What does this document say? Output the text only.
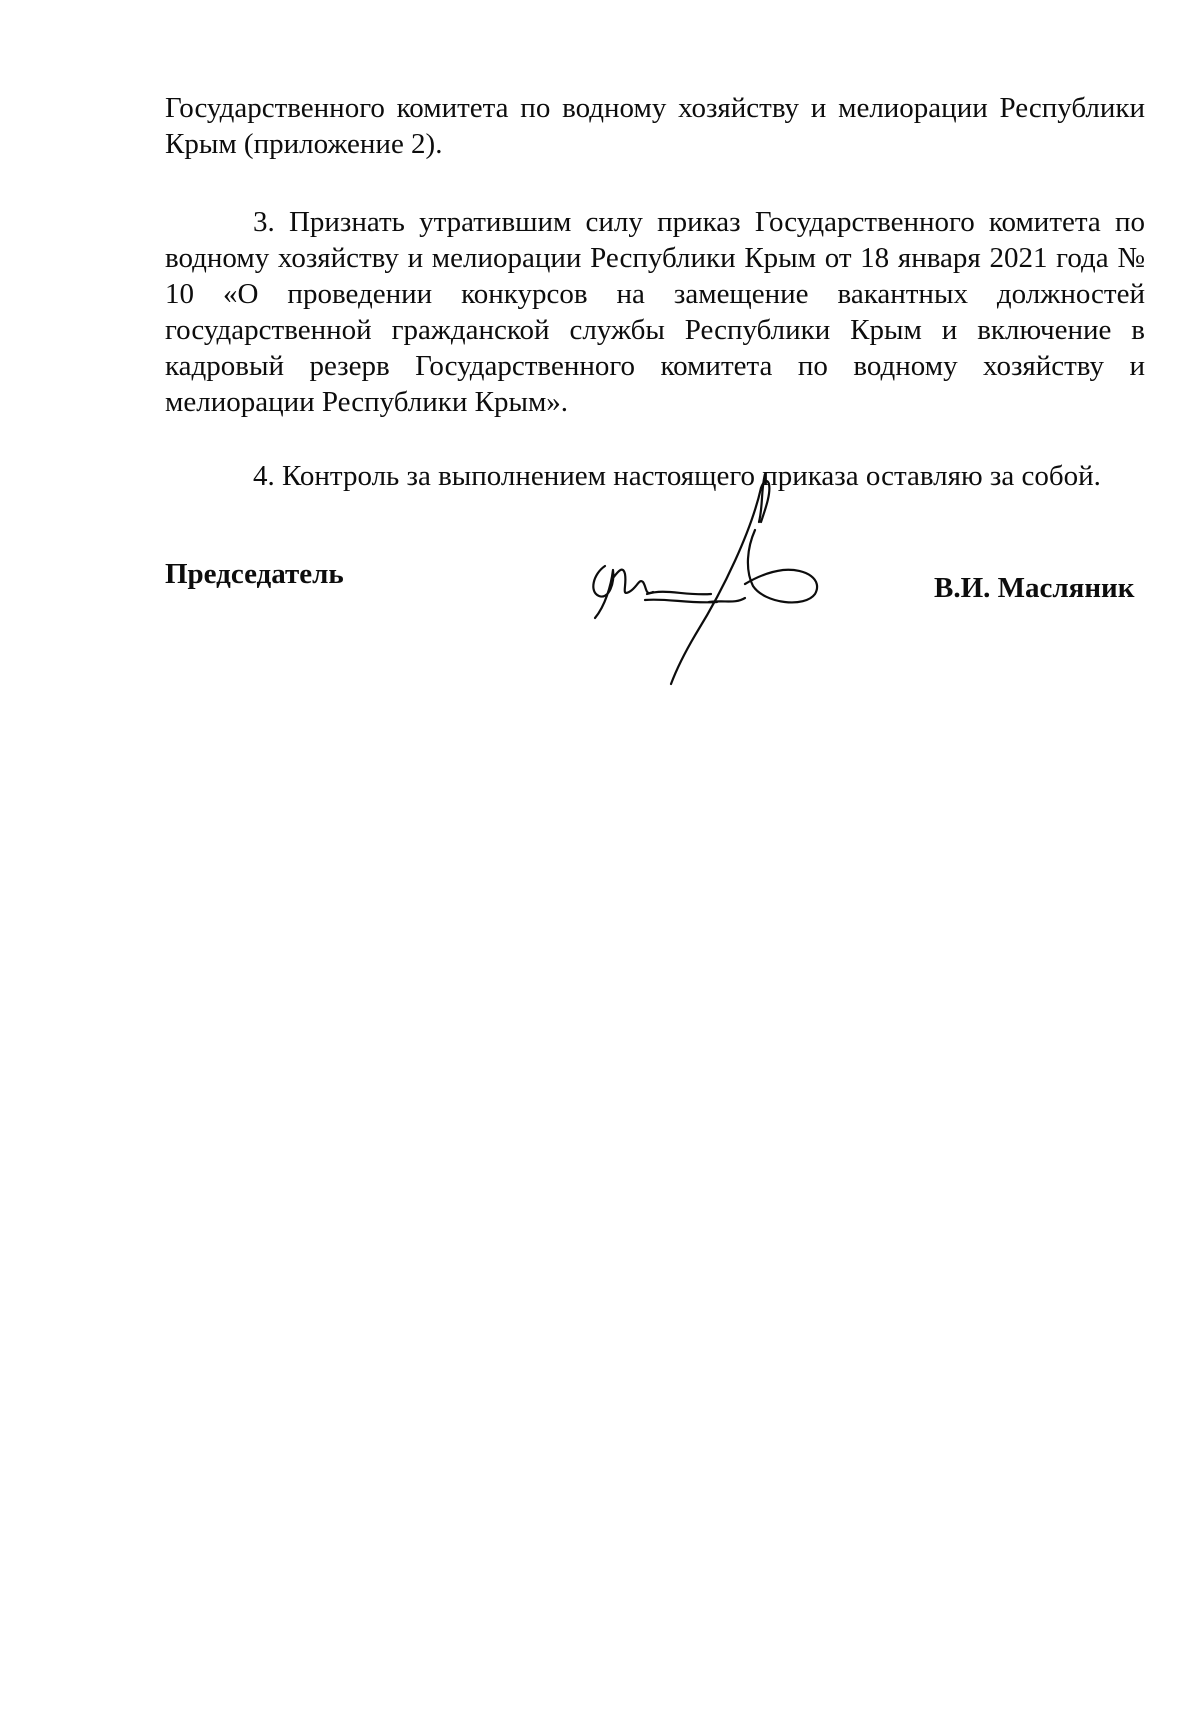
Государственного комитета по водному хозяйству и мелиорации Республики Крым (приложение 2).

3. Признать утратившим силу приказ Государственного комитета по водному хозяйству и мелиорации Республики Крым от 18 января 2021 года № 10 «О проведении конкурсов на замещение вакантных должностей государственной гражданской службы Республики Крым и включение в кадровый резерв Государственного комитета по водному хозяйству и мелиорации Республики Крым».

4. Контроль за выполнением настоящего приказа оставляю за собой.

Председатель	В.И. Масляник
